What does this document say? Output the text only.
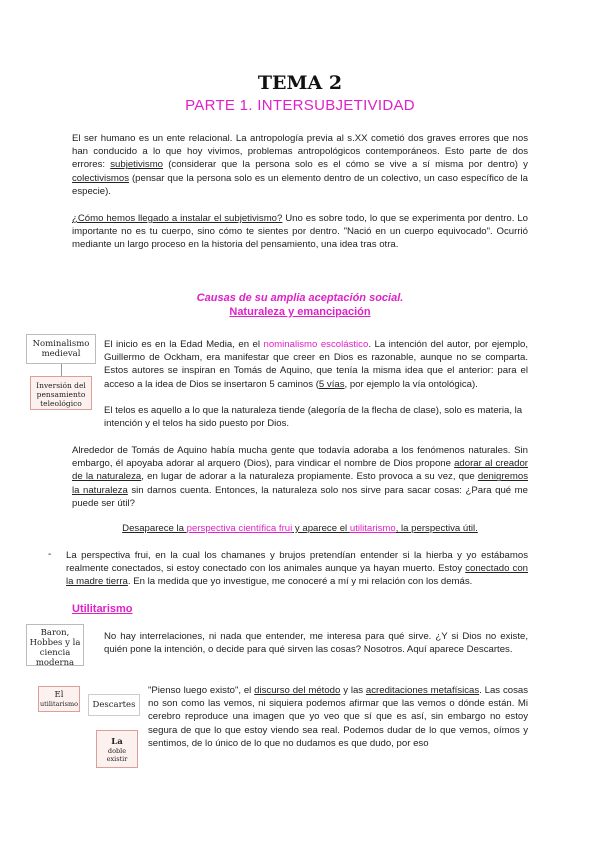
TEMA 2
PARTE 1. INTERSUBJETIVIDAD
El ser humano es un ente relacional. La antropología previa al s.XX cometió dos graves errores que nos han conducido a lo que hoy vivimos, problemas antropológicos contemporáneos. Esto parte de dos errores: subjetivismo (considerar que la persona solo es el cómo se vive a sí misma por dentro) y colectivismos (pensar que la persona solo es un elemento dentro de un colectivo, un caso específico de la especie).
¿Cómo hemos llegado a instalar el subjetivismo? Uno es sobre todo, lo que se experimenta por dentro. Lo importante no es tu cuerpo, sino cómo te sientes por dentro. "Nació en un cuerpo equivocado". Ocurrió mediante un largo proceso en la historia del pensamiento, una idea tras otra.
Causas de su amplia aceptación social.
Naturaleza y emancipación
Nominalismo medieval
Inversión del pensamiento teleológico
El inicio es en la Edad Media, en el nominalismo escolástico. La intención del autor, por ejemplo, Guillermo de Ockham, era manifestar que creer en Dios es razonable, aunque no se comparta. Estos autores se inspiran en Tomás de Aquino, que tenía la misma idea que el anterior: para el acceso a la idea de Dios se insertaron 5 caminos (5 vías, por ejemplo la vía ontológica).
El telos es aquello a lo que la naturaleza tiende (alegoría de la flecha de clase), solo es materia, la intención y el telos ha sido puesto por Dios.
Alrededor de Tomás de Aquino había mucha gente que todavía adoraba a los fenómenos naturales. Sin embargo, él apoyaba adorar al arquero (Dios), para vindicar el nombre de Dios propone adorar al creador de la naturaleza, en lugar de adorar a la naturaleza propiamente. Esto provoca a su vez, que denigremos la naturaleza sin darnos cuenta. Entonces, la naturaleza solo nos sirve para sacar cosas: ¿Para qué me puede ser útil?
Desaparece la perspectiva científica frui y aparece el utilitarismo, la perspectiva útil.
- La perspectiva frui, en la cual los chamanes y brujos pretendían entender si la hierba y yo estábamos realmente conectados, si estoy conectado con los animales aunque ya hayan muerto. Estoy conectado con la madre tierra. En la medida que yo investigue, me conoceré a mí y mi relación con los demás.
Utilitarismo
Baron, Hobbes y la ciencia moderna
El
utilitarismo	Descartes
La
doble existir
No hay interrelaciones, ni nada que entender, me interesa para qué sirve. ¿Y si Dios no existe, quién pone la intención, o decide para qué sirven las cosas? Nosotros. Aquí aparece Descartes.
"Pienso luego existo", el discurso del método y las acreditaciones metafísicas. Las cosas no son como las vemos, ni siquiera podemos afirmar que las vemos o dónde están. Mi cerebro reproduce una imagen que yo veo que sí que es así, sin embargo no estoy segura de que lo que estoy viendo sea real. Podemos dudar de lo que vemos, oímos y sentimos, de lo único de lo que no dudamos es que dudo, por eso
